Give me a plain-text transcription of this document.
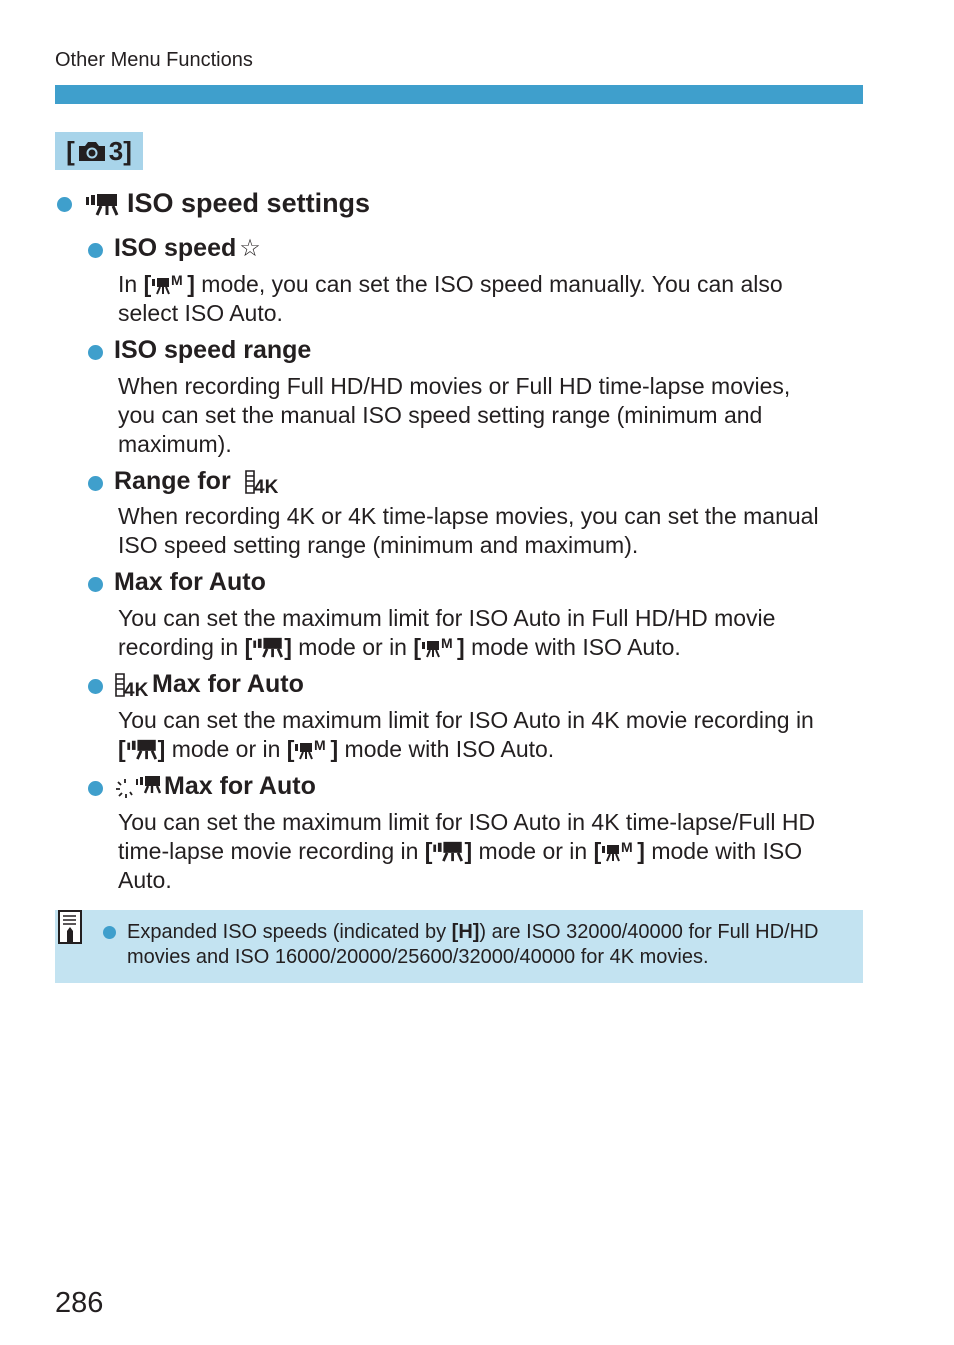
Other Menu Functions
[ 3 ]
ISO speed settings
ISO speed ☆
In [ M ] mode, you can set the ISO speed manually. You can also
select ISO Auto.
ISO speed range
When recording Full HD/HD movies or Full HD time-lapse movies,
you can set the manual ISO speed setting range (minimum and
maximum).
Range for 4K
When recording 4K or 4K time-lapse movies, you can set the manual
ISO speed setting range (minimum and maximum).
Max for Auto
You can set the maximum limit for ISO Auto in Full HD/HD movie
recording in [ ] mode or in [ M ] mode with ISO Auto.
4K Max for Auto
You can set the maximum limit for ISO Auto in 4K movie recording in
[ ] mode or in [ M ] mode with ISO Auto.
Max for Auto
You can set the maximum limit for ISO Auto in 4K time-lapse/Full HD
time-lapse movie recording in [ ] mode or in [ M ] mode with ISO
Auto.
Expanded ISO speeds (indicated by [H]) are ISO 32000/40000 for Full HD/HD
movies and ISO 16000/20000/25600/32000/40000 for 4K movies.
286
